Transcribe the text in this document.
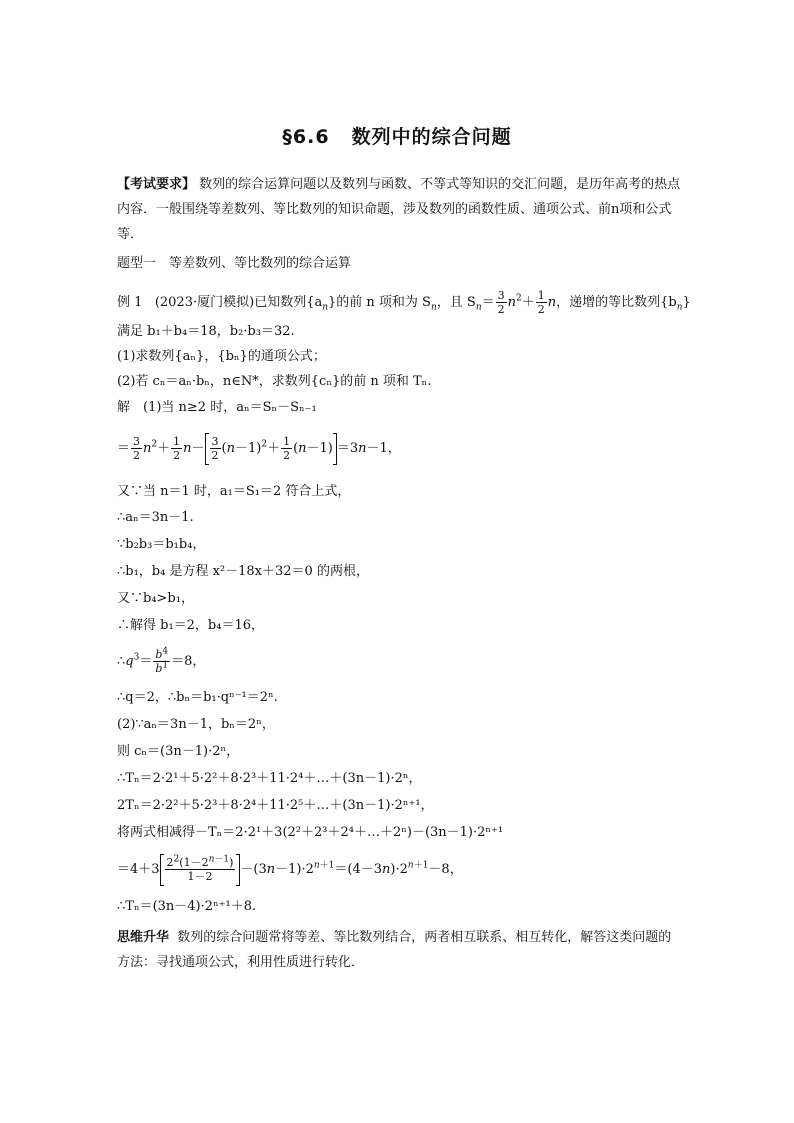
§6.6 数列中的综合问题
【考试要求】 数列的综合运算问题以及数列与函数、不等式等知识的交汇问题，是历年高考的热点内容．一般围绕等差数列、等比数列的知识命题，涉及数列的函数性质、通项公式、前n项和公式等．
题型一　等差数列、等比数列的综合运算
例 1 (2023·厦门模拟)已知数列$\{a_n\}$的前 n 项和为 $S_n$，且 $S_n= \frac{3}{2} n^2+ \frac{1}{2}$ n，递增的等比数列$\{b_n\}$
满足 b₁＋b₄＝18，b₂·b₃＝32.
(1)求数列{aₙ}，{bₙ}的通项公式；
(2)若 cₙ＝aₙ·bₙ，n∈N*，求数列{cₙ}的前 n 项和 Tₙ.
解　(1)当 n≥2 时，aₙ＝Sₙ－Sₙ₋₁
＝ $\frac{3}{2} n^2+ \frac{1}{2} n- \frac{3}{2} (n-1)^2+ \frac{1}{2} (n-1) =3n-1$，
又∵当 n＝1 时，a₁＝S₁＝2 符合上式，
∴aₙ＝3n－1.
∵b₂b₃＝b₁b₄，
∴b₁，b₄ 是方程 x²－18x＋32＝0 的两根，
又∵b₄>b₁，
∴解得 b₁＝2，b₄＝16，
$\therefore q^3= \frac{b^4}{b^1} =8$，
∴q＝2，∴bₙ＝b₁·qⁿ⁻¹＝2ⁿ.
(2)∵aₙ＝3n－1，bₙ＝2ⁿ，
则 cₙ＝(3n－1)·2ⁿ，
∴Tₙ＝2·2¹＋5·2²＋8·2³＋11·2⁴＋…＋(3n－1)·2ⁿ，
2Tₙ＝2·2²＋5·2³＋8·2⁴＋11·2⁵＋…＋(3n－1)·2ⁿ⁺¹，
将两式相减得－Tₙ＝2·2¹＋3(2²＋2³＋2⁴＋…＋2ⁿ)－(3n－1)·2ⁿ⁺¹
$=4+3 \frac{2^2(1-2^{n-1})}{1-2} -(3n-1)\cdot 2^{n+1}=(4-3n)\cdot 2^{n+1}-8$，
∴Tₙ＝(3n－4)·2ⁿ⁺¹＋8.
思维升华 数列的综合问题常将等差、等比数列结合，两者相互联系、相互转化，解答这类问题的方法：寻找通项公式，利用性质进行转化．
